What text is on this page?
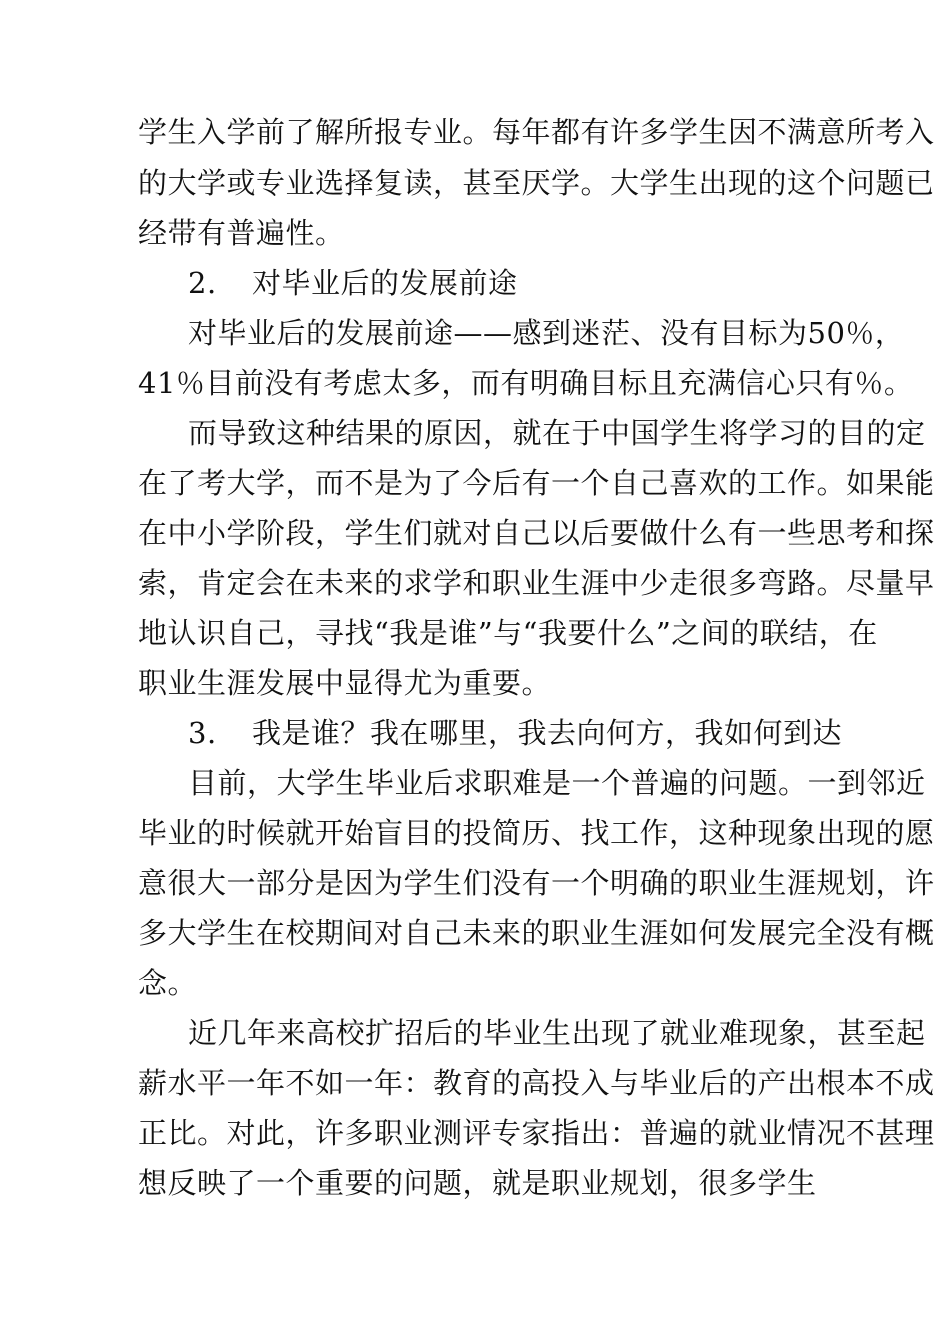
学生入学前了解所报专业。每年都有许多学生因不满意所考入
的大学或专业选择复读，甚至厌学。大学生出现的这个问题已
经带有普遍性。
2. 对毕业后的发展前途
对毕业后的发展前途——感到迷茫、没有目标为50％，
41％目前没有考虑太多，而有明确目标且充满信心只有％。
而导致这种结果的原因，就在于中国学生将学习的目的定
在了考大学，而不是为了今后有一个自己喜欢的工作。如果能
在中小学阶段，学生们就对自己以后要做什么有一些思考和探
索，肯定会在未来的求学和职业生涯中少走很多弯路。尽量早
地认识自己，寻找“我是谁”与“我要什么”之间的联结，在
职业生涯发展中显得尤为重要。
3. 我是谁？我在哪里，我去向何方，我如何到达
目前，大学生毕业后求职难是一个普遍的问题。一到邻近
毕业的时候就开始盲目的投简历、找工作，这种现象出现的愿
意很大一部分是因为学生们没有一个明确的职业生涯规划，许
多大学生在校期间对自己未来的职业生涯如何发展完全没有概
念。
近几年来高校扩招后的毕业生出现了就业难现象，甚至起
薪水平一年不如一年：教育的高投入与毕业后的产出根本不成
正比。对此，许多职业测评专家指出：普遍的就业情况不甚理
想反映了一个重要的问题，就是职业规划，很多学生
